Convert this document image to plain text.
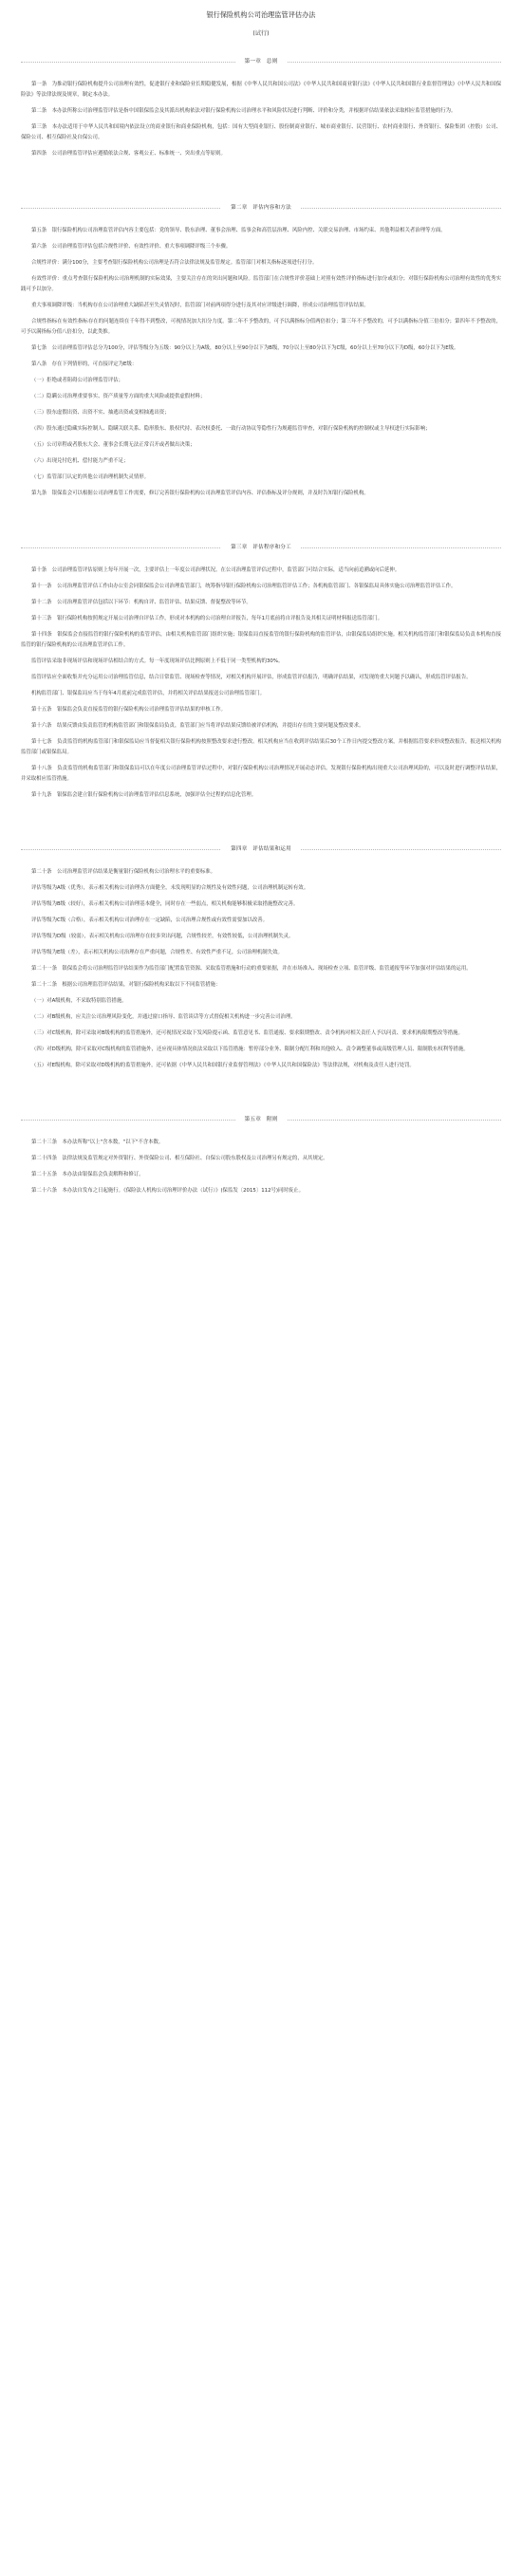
银行保险机构公司治理监管评估办法
(试行)
第一章　总则

第一条　为推动银行保险机构提升公司治理有效性，促进银行业和保险业长期稳健发展，根据《中华人民共和国公司法》《中华人民共和国商业银行法》《中华人民共和国银行业监督管理法》《中华人民共和国保险法》等法律法规及规章，制定本办法。

第二条　本办法所称公司治理监管评估是指中国银保监会及其派出机构依法对银行保险机构公司治理水平和风险状况进行判断、评价和分类，并根据评估结果依法采取相应监管措施的行为。

第三条　本办法适用于中华人民共和国境内依法设立的商业银行和商业保险机构，包括：国有大型商业银行、股份制商业银行、城市商业银行、民营银行、农村商业银行、外资银行、保险集团（控股）公司、保险公司、相互保险社及自保公司。

第四条　公司治理监管评估应遵循依法合规、客观公正、标准统一、突出重点等原则。

第二章　评估内容和方法

第五条　银行保险机构公司治理监管评估内容主要包括：党的领导、股东治理、董事会治理、监事会和高管层治理、风险内控、关联交易治理、市场约束、其他利益相关者治理等方面。

第六条　公司治理监管评估包括合规性评价、有效性评价、重大事项调降评级三个步骤。

合规性评价：满分100分，主要考查银行保险机构公司治理是否符合法律法规及监管规定。监管部门对相关指标逐项进行打分。

有效性评价：重点考查银行保险机构公司治理机制的实际效果，主要关注存在的突出问题和风险。监管部门在合规性评价基础上对照有效性评价指标进行加分或扣分；对银行保险机构公司治理有效性的优秀实践可予以加分。

重大事项调降评级：当机构存在公司治理重大缺陷甚至失灵情况时，监管部门对前两项得分进行及其对应评级进行调降，形成公司治理监管评估结果。

合规性指标在有效性指标存在的问题连续在千年得不到整改，可视情况加大扣分力度。第二年不予整改的，可予以满指标分值两倍扣分；第三年不予整改的，可予以满指标分值三倍扣分；第四年不予整改的，可予以满指标分值八倍扣分，以此类推。

第七条　公司治理监管评估总分为100分，评估等级分为五级：90分以上为A级，80分以上至90分以下为B级，70分以上至80分以下为C级，60分以上至70分以下为D级，60分以下为E级。

第八条　存在下列情形的，可直接评定为E级：

（一）拒绝或者阻碍公司治理监管评估；

（二）隐瞒公司治理重要事实、资产质量等方面的重大风险或提供虚假材料；

（三）股东虚假出资、出资不实、抽逃出资或变相抽逃出资；

（四）股东通过隐藏实际控制人、隐瞒关联关系、隐形股东、股权代持、表决权委托、一致行动协议等隐性行为规避监管审查，对银行保险机构的控制权或主导权进行实际影响；

（五）公司章程或者股东大会、董事会长期无法正常召开或者做出决策；

（六）出现兑付危机、偿付能力严重不足；

（七）监管部门认定的其他公司治理机制失灵情形。

第九条　银保监会可以根据公司治理监管工作需要，修订完善银行保险机构公司治理监管评估内容、评估指标及评分规则，并及时告知银行保险机构。

第三章　评估程序和分工

第十条　公司治理监管评估原则上每年开展一次，主要评估上一年度公司治理状况。在公司治理监管评估过程中，监管部门可结合实际，适当向前追溯或向后延伸。

第十一条　公司治理监管评估工作由办公室会同银保监会公司治理监管部门，统筹指导银行保险机构公司治理监管评估工作；各机构监管部门、各银保监局具体实施公司治理监管评估工作。

第十二条　公司治理监管评估包括以下环节：机构自评、监管评估、结果反馈、督促整改等环节。

第十三条　银行保险机构按照规定开展公司治理自评估工作，形成对本机构的公司治理自评报告，每年1月底前将自评报告及其相关证明材料报送监管部门。

第十四条　银保监会直接监管的银行保险机构的监管评估，由相关机构监管部门组织实施；银保监局直接监管的银行保险机构的监管评估，由银保监局组织实施。相关机构监管部门和银保监局负责本机构直接监管的银行保险机构的公司治理监管评估工作。

监管评估采取非现场评估和现场评估相结合的方式。每一年度现场评估比例原则上不低于同一类型机构的30%。

监管评估应全面收集并充分运用公司治理监管信息，结合日常监管、现场检查等情况，对相关机构开展评估，形成监管评估报告，明确评估结果，对发现的重大问题予以确认，形成监管评估报告。

机构监管部门、银保监局应当于每年4月底前完成监管评估，并将相关评估结果报送公司治理监管部门。

第十五条　银保监会负责直接监管的银行保险机构公司治理监管评估结果的审核工作。

第十六条　结果反馈由负责监管的机构监管部门和银保监局负责，监管部门应当将评估结果反馈给被评估机构，并提出存在的主要问题及整改要求。

第十七条　负责监管的机构监管部门和银保监局应当督促相关银行保险机构按照整改要求进行整改。相关机构应当在收到评估结果后30个工作日内提交整改方案，并根据监管要求形成整改报告，报送相关机构监管部门或银保监局。

第十八条　负责监管的机构监管部门和银保监局可以在年度公司治理监管评估过程中，对银行保险机构公司治理情况开展动态评估。发现银行保险机构出现重大公司治理风险的，可以及时进行调整评估结果，并采取相应监管措施。

第十九条　银保监会建立银行保险机构公司治理监管评估信息系统，加强评估全过程的信息化管理。

第四章　评估结果和运用

第二十条　公司治理监管评估结果是衡量银行保险机构公司治理水平的重要标准。

评估等级为A级（优秀），表示相关机构公司治理各方面健全，未发现明显的合规性及有效性问题，公司治理机制运转有效。

评估等级为B级（较好），表示相关机构公司治理基本健全，同时存在一些弱点，相关机构能够积极采取措施整改完善。

评估等级为C级（合格），表示相关机构公司治理存在一定缺陷，公司治理合规性或有效性需要加以改善。

评估等级为D级（较弱），表示相关机构公司治理存在较多突出问题，合规性较差，有效性较低，公司治理机制失灵。

评估等级为E级（差），表示相关机构公司治理存在严重问题，合规性差、有效性严重不足，公司治理机制失效。

第二十一条　银保监会将公司治理监管评估结果作为监管部门配置监管资源、采取监管措施和行动的重要依据，并在市场准入、现场检查立项、监管评级、监管通报等环节加强对评估结果的运用。

第二十二条　根据公司治理监管评估结果，对银行保险机构采取以下不同监管措施：

（一）对A级机构，不采取特别监管措施。

（二）对B级机构，应关注公司治理风险变化，并通过窗口指导、监管谈话等方式督促相关机构进一步完善公司治理。

（三）对C级机构，除可采取对B级机构的监管措施外，还可视情况采取下发风险提示函、监管意见书、监管通报、要求限期整改、责令机构对相关责任人予以问责、要求机构限期整改等措施。

（四）对D级机构，除可采取对C级机构的监管措施外，还应视具体情况依法采取以下监管措施：暂停部分业务、限制分配红利和其他收入、责令调整董事或高级管理人员、限制股东权利等措施。

（五）对E级机构，除可采取对D级机构的监管措施外，还可依据《中华人民共和国银行业监督管理法》《中华人民共和国保险法》等法律法规，对机构及责任人进行处罚。

第五章　附则

第二十三条　本办法所称"以上"含本数，"以下"不含本数。

第二十四条　法律法规及监管规定对外资银行、外资保险公司、相互保险社、自保公司股东股权及公司治理另有规定的，从其规定。

第二十五条　本办法由银保监会负责解释和修订。

第二十六条　本办法自发布之日起施行。《保险法人机构公司治理评价办法（试行）》(保监发〔2015〕112号)同时废止。
